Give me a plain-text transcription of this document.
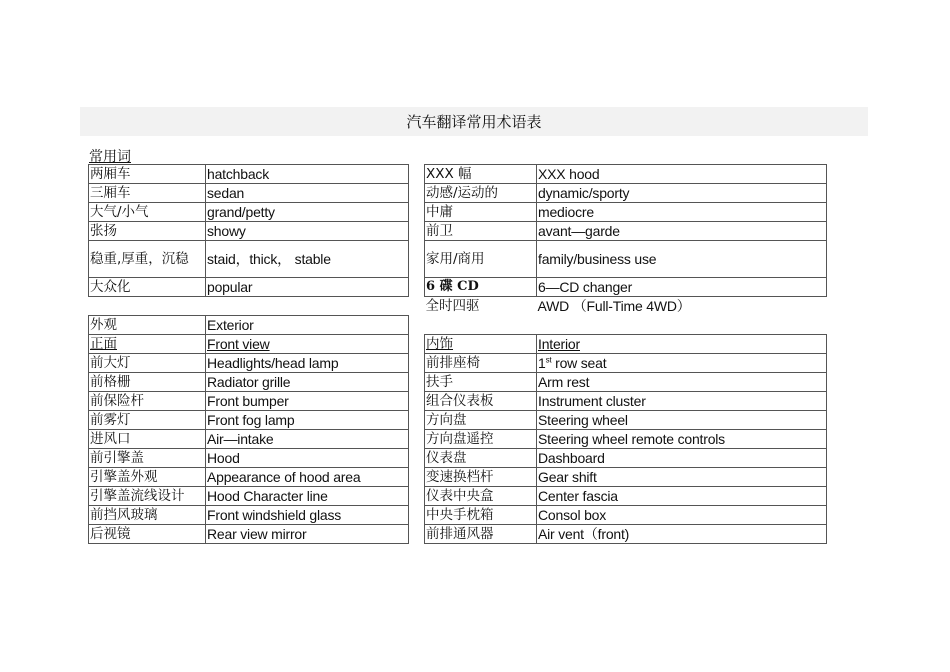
汽车翻译常用术语表
常用词
两厢车	hatchback
三厢车	sedan
大气/小气	grand/petty
张扬	showy
稳重,厚重，沉稳	staid，thick， stable
大众化	popular
XXX 幅	XXX hood
动感/运动的	dynamic/sporty
中庸	mediocre
前卫	avant—garde
家用/商用	family/business use
6 碟 CD	6—CD changer
全时四驱	AWD （Full-Time 4WD）
外观	Exterior
正面	Front view
前大灯	Headlights/head lamp
前格栅	Radiator grille
前保险杆	Front bumper
前雾灯	Front fog lamp
进风口	Air—intake
前引擎盖	Hood
引擎盖外观	Appearance of hood area
引擎盖流线设计	Hood Character line
前挡风玻璃	Front windshield glass
后视镜	Rear view mirror
内饰	Interior
前排座椅	1st row seat
扶手	Arm rest
组合仪表板	Instrument cluster
方向盘	Steering wheel
方向盘遥控	Steering wheel remote controls
仪表盘	Dashboard
变速换档杆	Gear shift
仪表中央盒	Center fascia
中央手枕箱	Consol box
前排通风器	Air vent（front)
